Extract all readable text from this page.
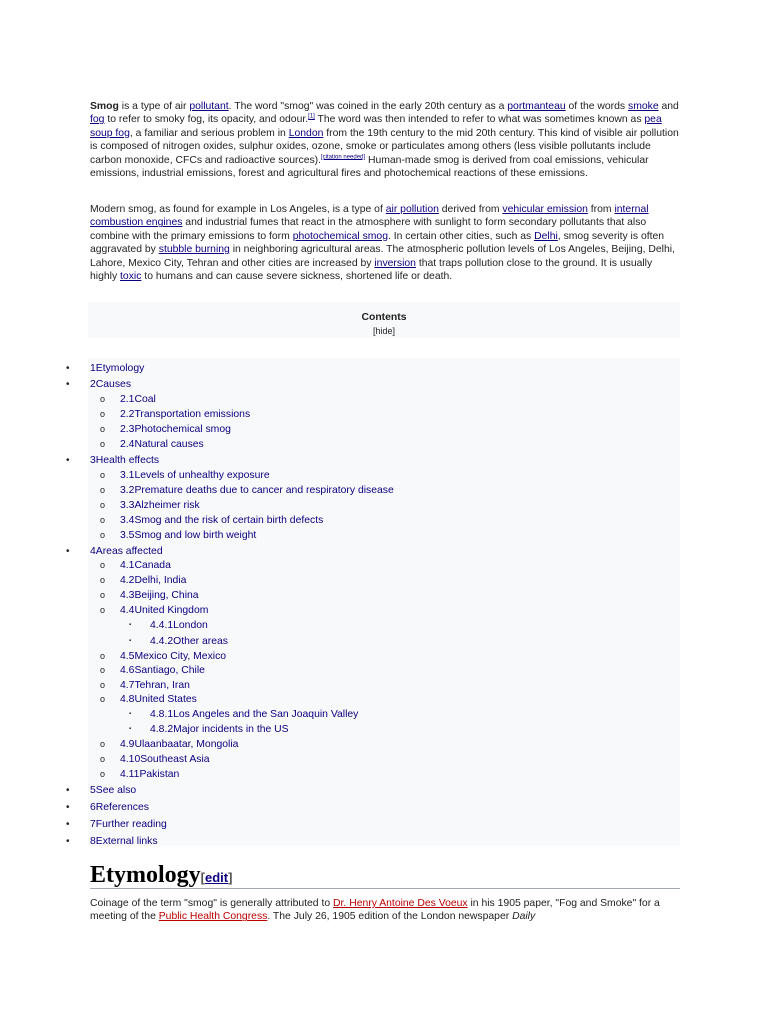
Smog is a type of air pollutant. The word "smog" was coined in the early 20th century as a portmanteau of the words smoke and fog to refer to smoky fog, its opacity, and odour.[1] The word was then intended to refer to what was sometimes known as pea soup fog, a familiar and serious problem in London from the 19th century to the mid 20th century. This kind of visible air pollution is composed of nitrogen oxides, sulphur oxides, ozone, smoke or particulates among others (less visible pollutants include carbon monoxide, CFCs and radioactive sources).[citation needed] Human-made smog is derived from coal emissions, vehicular emissions, industrial emissions, forest and agricultural fires and photochemical reactions of these emissions.

Modern smog, as found for example in Los Angeles, is a type of air pollution derived from vehicular emission from internal combustion engines and industrial fumes that react in the atmosphere with sunlight to form secondary pollutants that also combine with the primary emissions to form photochemical smog. In certain other cities, such as Delhi, smog severity is often aggravated by stubble burning in neighboring agricultural areas. The atmospheric pollution levels of Los Angeles, Beijing, Delhi, Lahore, Mexico City, Tehran and other cities are increased by inversion that traps pollution close to the ground. It is usually highly toxic to humans and can cause severe sickness, shortened life or death.

Contents
[hide]
• 1Etymology
• 2Causes
o 2.1Coal
o 2.2Transportation emissions
o 2.3Photochemical smog
o 2.4Natural causes
• 3Health effects
o 3.1Levels of unhealthy exposure
o 3.2Premature deaths due to cancer and respiratory disease
o 3.3Alzheimer risk
o 3.4Smog and the risk of certain birth defects
o 3.5Smog and low birth weight
• 4Areas affected
o 4.1Canada
o 4.2Delhi, India
o 4.3Beijing, China
o 4.4United Kingdom
▪ 4.4.1London
▪ 4.4.2Other areas
o 4.5Mexico City, Mexico
o 4.6Santiago, Chile
o 4.7Tehran, Iran
o 4.8United States
▪ 4.8.1Los Angeles and the San Joaquin Valley
▪ 4.8.2Major incidents in the US
o 4.9Ulaanbaatar, Mongolia
o 4.10Southeast Asia
o 4.11Pakistan
• 5See also
• 6References
• 7Further reading
• 8External links
Etymology[edit]

Coinage of the term "smog" is generally attributed to Dr. Henry Antoine Des Voeux in his 1905 paper, "Fog and Smoke" for a meeting of the Public Health Congress. The July 26, 1905 edition of the London newspaper Daily
